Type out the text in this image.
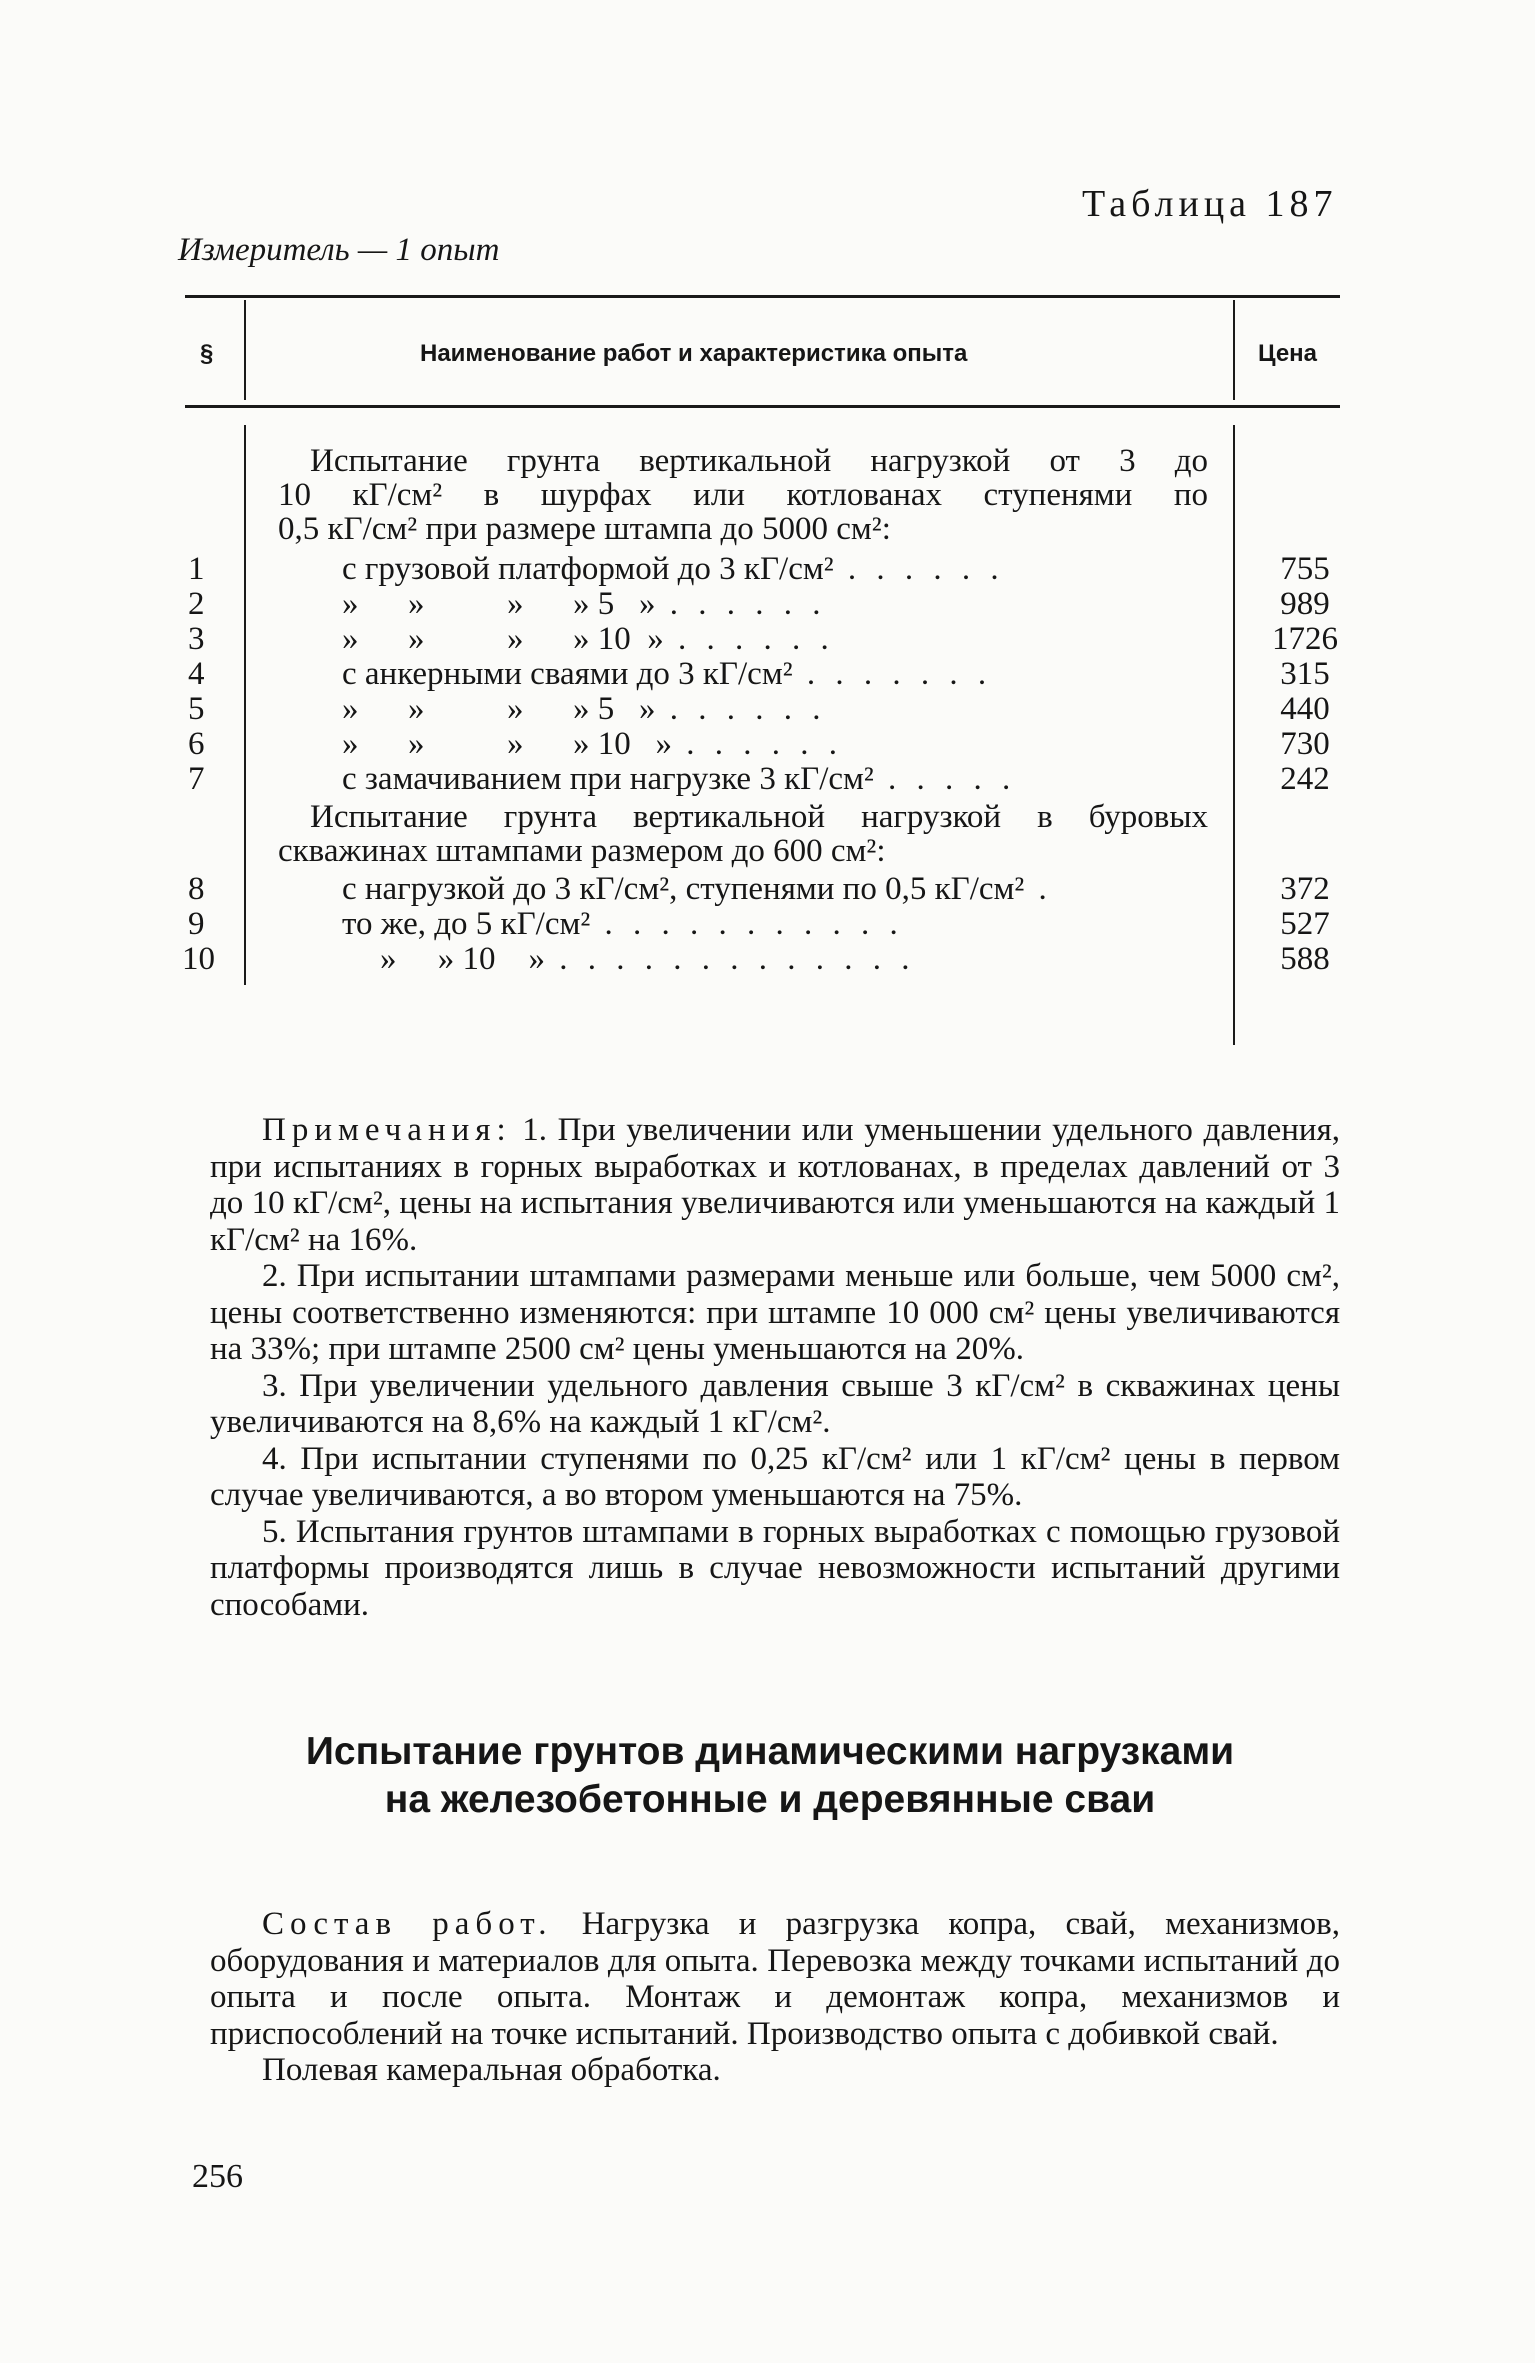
Таблица 187
Измеритель — 1 опыт
§	Наименование работ и характеристика опыта	Цена
Испытание грунта вертикальной нагрузкой от 3 до
10 кГ/см² в шурфах или котлованах ступенями по
0,5 кГ/см² при размере штампа до 5000 см²:
1	с грузовой платформой до 3 кГ/см² . . . . . .	755
2	»      »          »      » 5   » . . . . . .	989
3	»      »          »      » 10  » . . . . . .	1726
4	с анкерными сваями до 3 кГ/см² . . . . . . .	315
5	»      »          »      » 5   » . . . . . .	440
6	»      »          »      » 10   » . . . . . .	730
7	с замачиванием при нагрузке 3 кГ/см² . . . . .	242
Испытание грунта вертикальной нагрузкой в буровых
скважинах штампами размером до 600 см²:
8	с нагрузкой до 3 кГ/см², ступенями по 0,5 кГ/см² .	372
9	то же, до 5 кГ/см² . . . . . . . . . . .	527
10	»     » 10    » . . . . . . . . . . . . .	588

Примечания: 1. При увеличении или уменьшении удельного давления, при испытаниях в горных выработках и котлованах, в пределах давлений от 3 до 10 кГ/см², цены на испытания увеличиваются или уменьшаются на каждый 1 кГ/см² на 16%.

2. При испытании штампами размерами меньше или больше, чем 5000 см², цены соответственно изменяются: при штампе 10 000 см² цены увеличиваются на 33%; при штампе 2500 см² цены уменьшаются на 20%.

3. При увеличении удельного давления свыше 3 кГ/см² в скважинах цены увеличиваются на 8,6% на каждый 1 кГ/см².

4. При испытании ступенями по 0,25 кГ/см² или 1 кГ/см² цены в первом случае увеличиваются, а во втором уменьшаются на 75%.

5. Испытания грунтов штампами в горных выработках с помощью грузовой платформы производятся лишь в случае невозможности испытаний другими способами.

Испытание грунтов динамическими нагрузками
на железобетонные и деревянные сваи

Состав работ. Нагрузка и разгрузка копра, свай, механизмов, оборудования и материалов для опыта. Перевозка между точками испытаний до опыта и после опыта. Монтаж и демонтаж копра, механизмов и приспособлений на точке испытаний. Производство опыта с добивкой свай.

Полевая камеральная обработка.

256
